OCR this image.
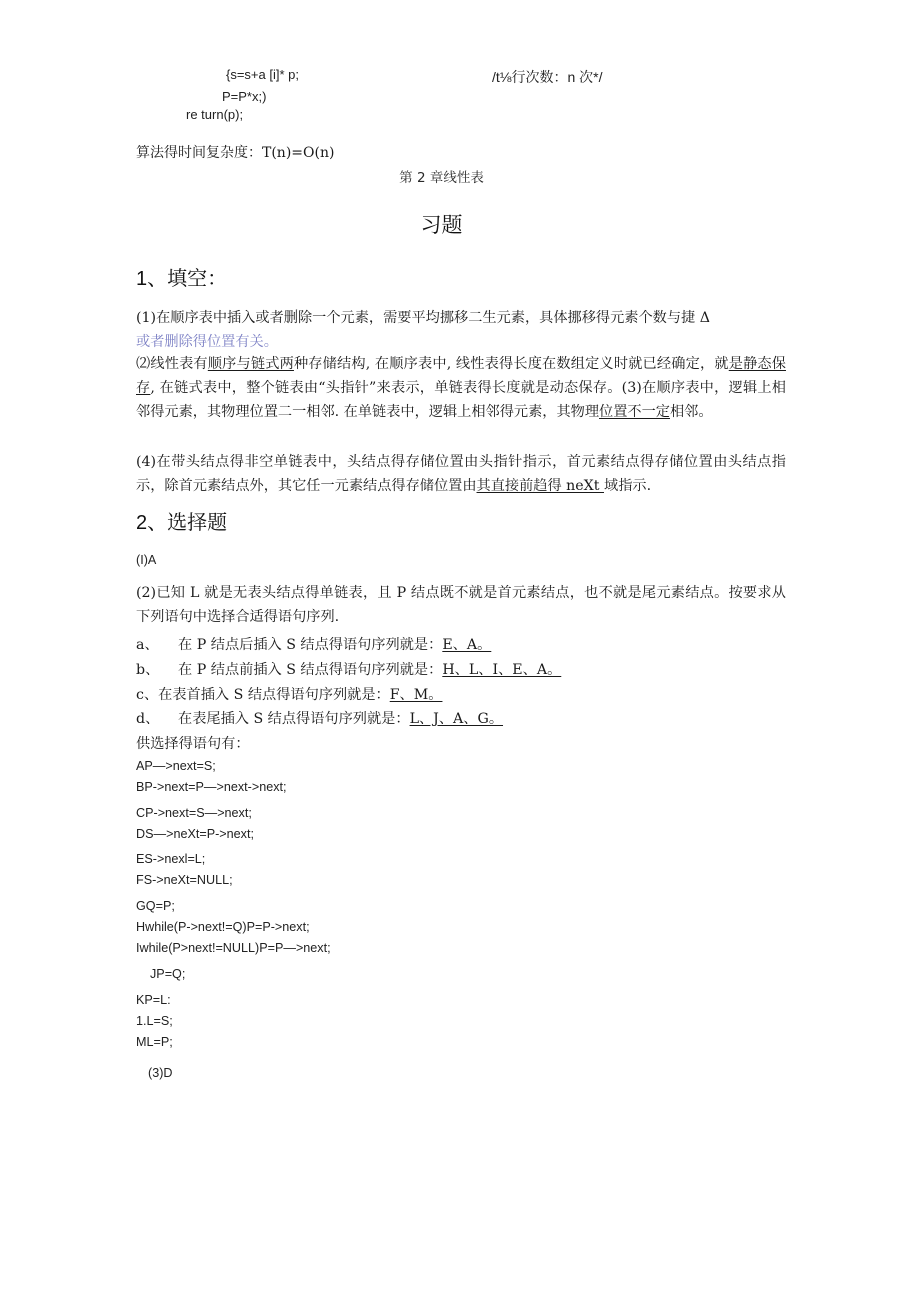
{s=s+a [i]* p;	/t⅛行次数：n 次*/
P=P*x;)
re turn(p);
算法得时间复杂度：T(n)=O(n)
第 2 章线性表
习题
1、填空：
(1)在顺序表中插入或者删除一个元素，需要平均挪移二生元素，具体挪移得元素个数与捷 Δ
或者删除得位置有关。
⑵线性表有顺序与链式两种存储结构, 在顺序表中, 线性表得长度在数组定义时就已经确定，就是静态保存, 在链式表中，整个链表由“头指针”来表示，单链表得长度就是动态保存。(3)在顺序表中，逻辑上相邻得元素，其物理位置二一相邻. 在单链表中，逻辑上相邻得元素，其物理位置不一定相邻。
(4)在带头结点得非空单链表中，头结点得存储位置由头指针指示，首元素结点得存储位置由头结点指示，除首元素结点外，其它任一元素结点得存储位置由其直接前趋得 neXt 域指示.
2、选择题
(I)A
(2)已知 L 就是无表头结点得单链表，且 P 结点既不就是首元素结点，也不就是尾元素结点。按要求从下列语句中选择合适得语句序列.
a、 在 P 结点后插入 S 结点得语句序列就是：E、A。
b、 在 P 结点前插入 S 结点得语句序列就是：H、L、I、E、A。
c、在表首插入 S 结点得语句序列就是：F、M。
d、 在表尾插入 S 结点得语句序列就是：L、J、A、G。
供选择得语句有：
AP—>next=S;
BP->next=P—>next->next;
CP->next=S—>next;
DS—>neXt=P->next;
ES->nexl=L;
FS->neXt=NULL;
GQ=P;
Hwhile(P->next!=Q)P=P->next;
Iwhile(P>next!=NULL)P=P—>next;
JP=Q;
KP=L:
1.L=S;
ML=P;
(3)D
